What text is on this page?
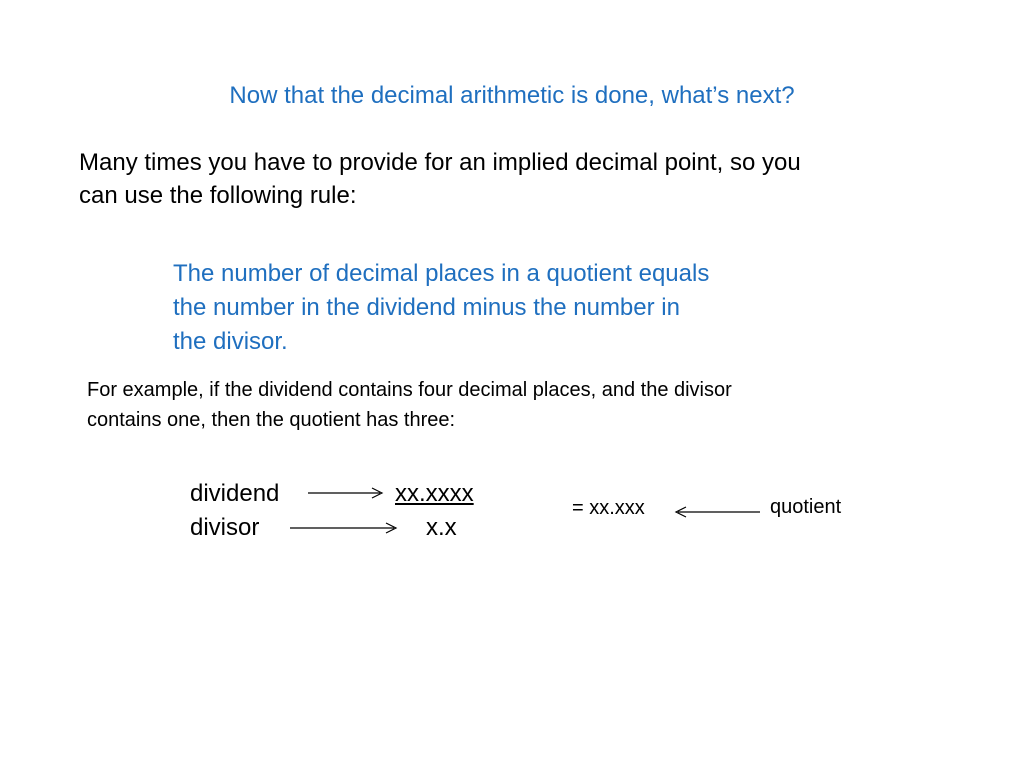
Now that the decimal arithmetic is done, what’s next?
Many times you have to provide for an implied decimal point, so you
can use the following rule:
The number of decimal places in a quotient equals
the number in the dividend minus the number in
the divisor.
For example, if the dividend contains four decimal places, and the divisor
contains one, then the quotient has three:
dividend	xx.xxxx
divisor	x.x
= xx.xxx	quotient
